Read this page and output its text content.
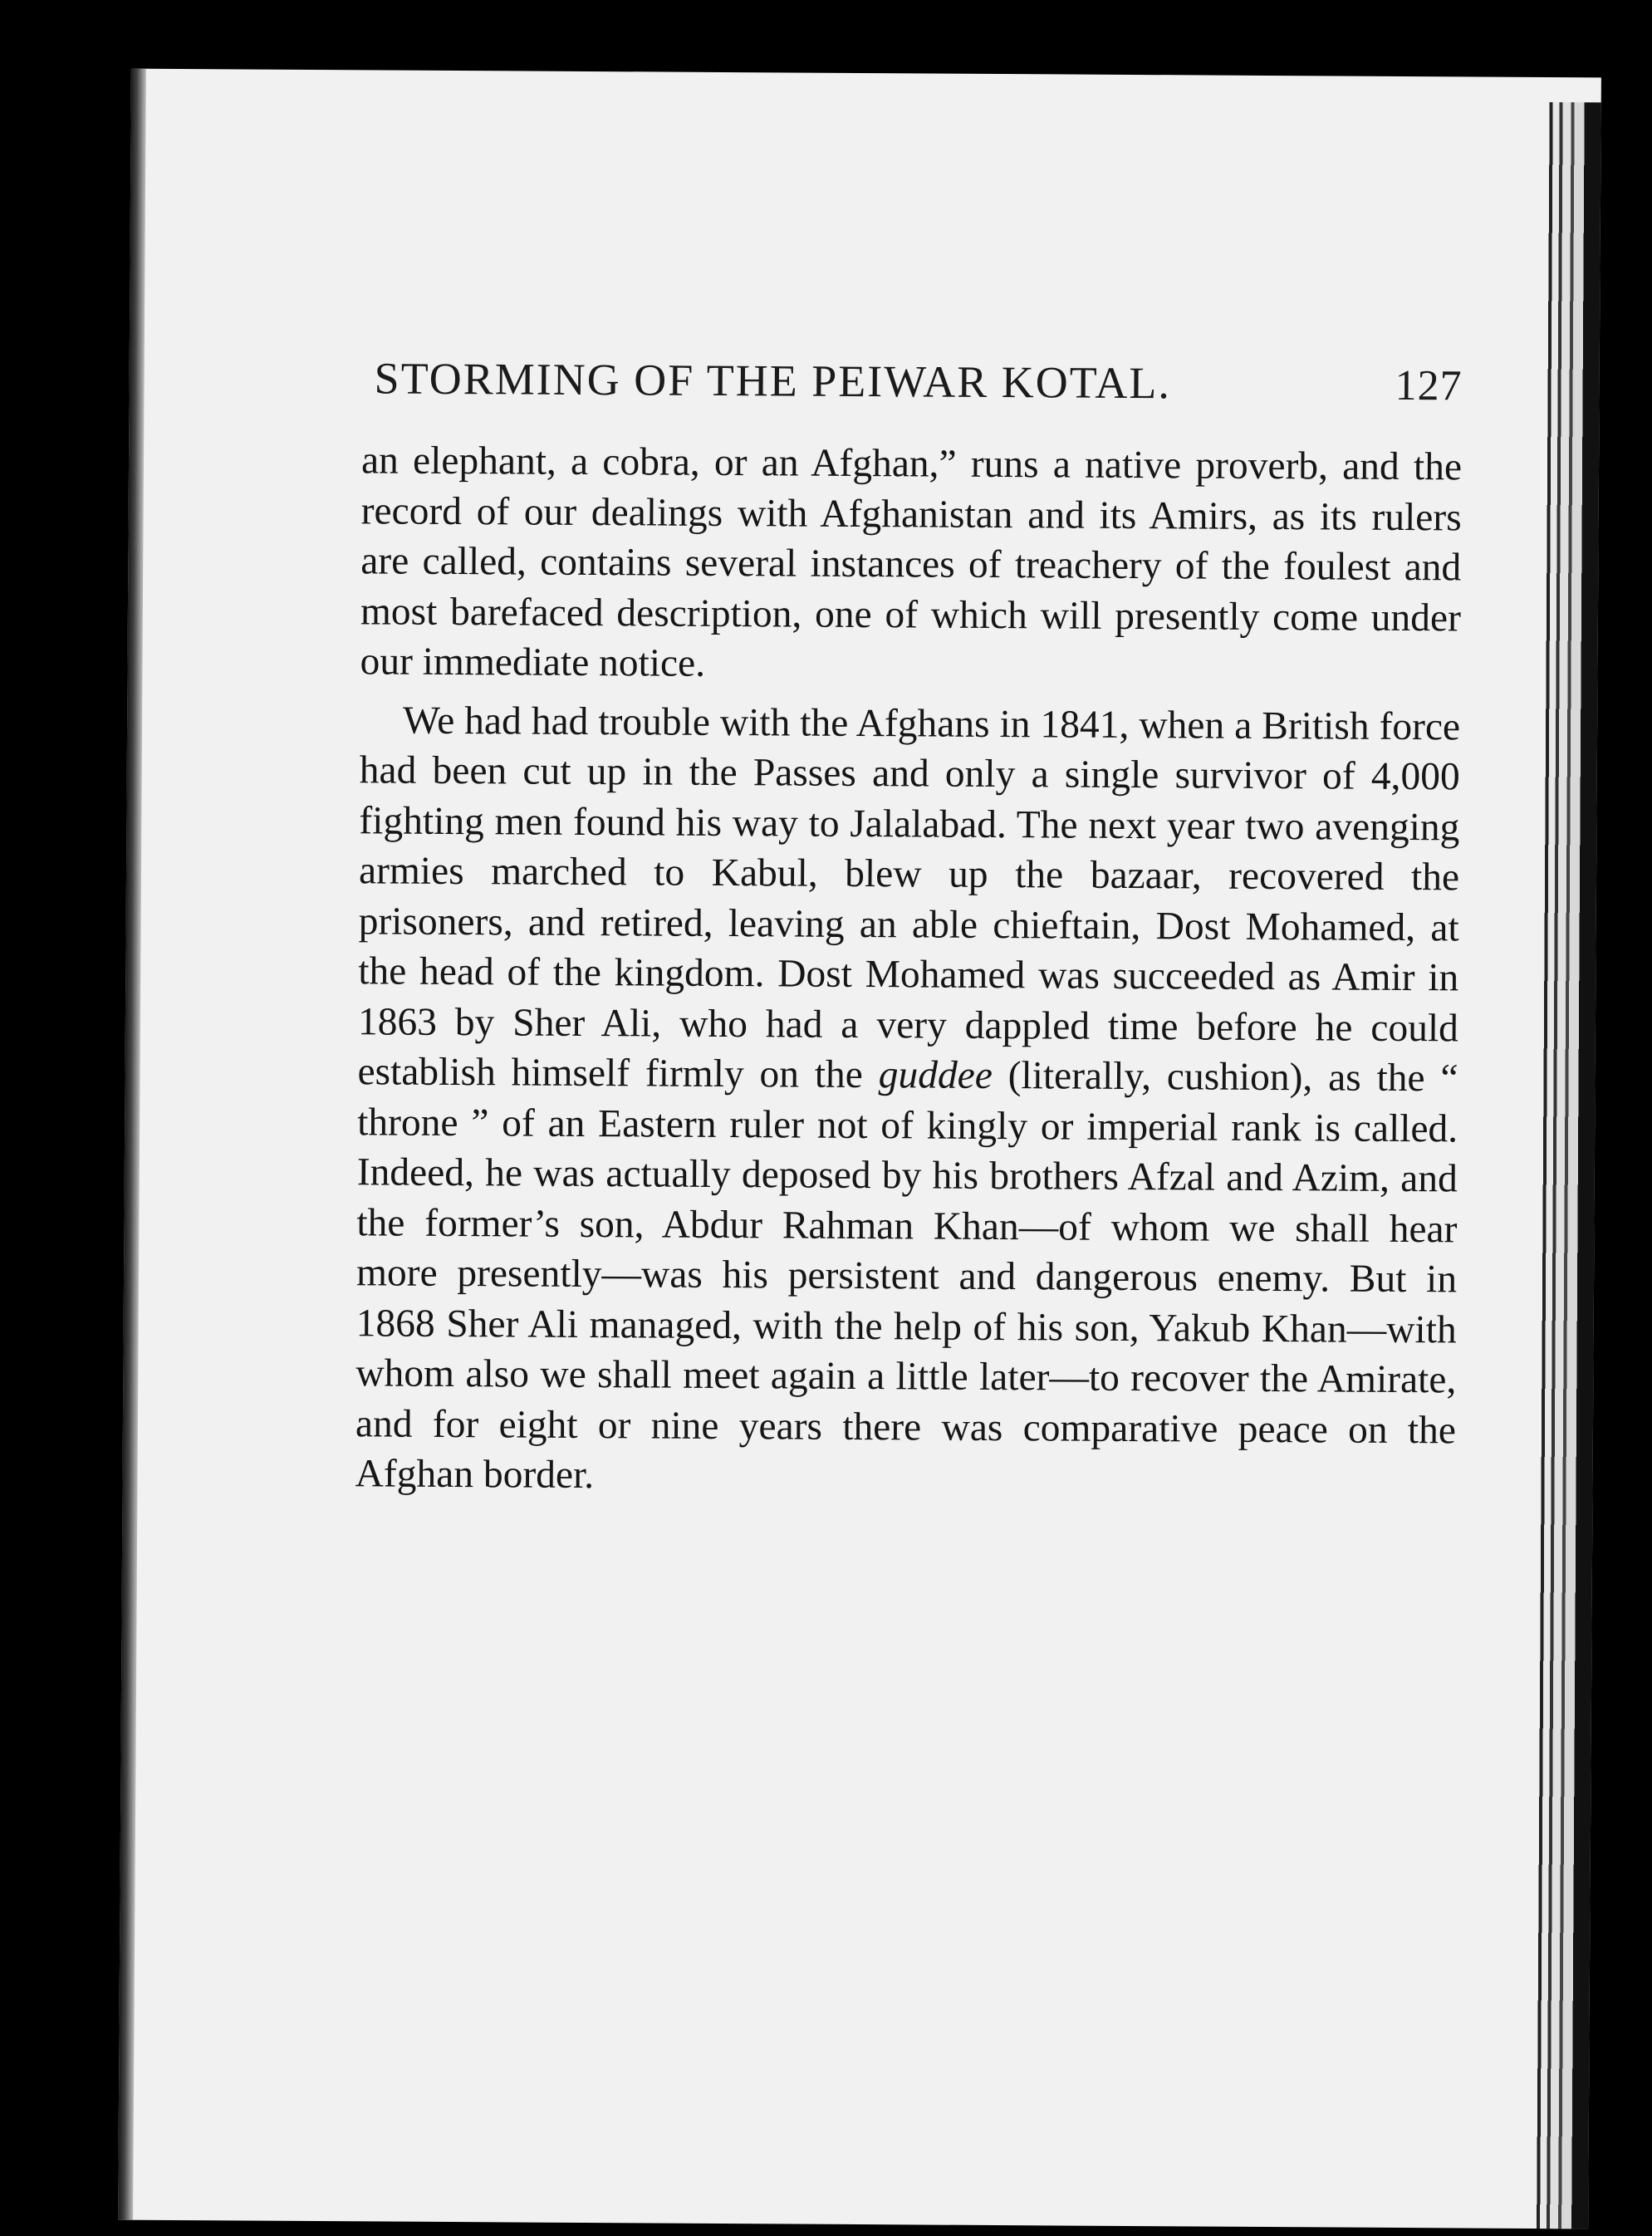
STORMING OF THE PEIWAR KOTAL.	127

an elephant, a cobra, or an Afghan,” runs a native proverb, and the record of our dealings with Afghanistan and its Amirs, as its rulers are called, contains several instances of treachery of the foulest and most barefaced description, one of which will presently come under our immediate notice.

We had had trouble with the Afghans in 1841, when a British force had been cut up in the Passes and only a single survivor of 4,000 fighting men found his way to Jalalabad. The next year two avenging armies marched to Kabul, blew up the bazaar, recovered the prisoners, and retired, leaving an able chieftain, Dost Mohamed, at the head of the kingdom. Dost Mohamed was succeeded as Amir in 1863 by Sher Ali, who had a very dappled time before he could establish himself firmly on the guddee (literally, cushion), as the “ throne ” of an Eastern ruler not of kingly or imperial rank is called. Indeed, he was actually deposed by his brothers Afzal and Azim, and the former’s son, Abdur Rahman Khan—of whom we shall hear more presently—was his persistent and dangerous enemy. But in 1868 Sher Ali managed, with the help of his son, Yakub Khan—with whom also we shall meet again a little later—to recover the Amirate, and for eight or nine years there was comparative peace on the Afghan border.
